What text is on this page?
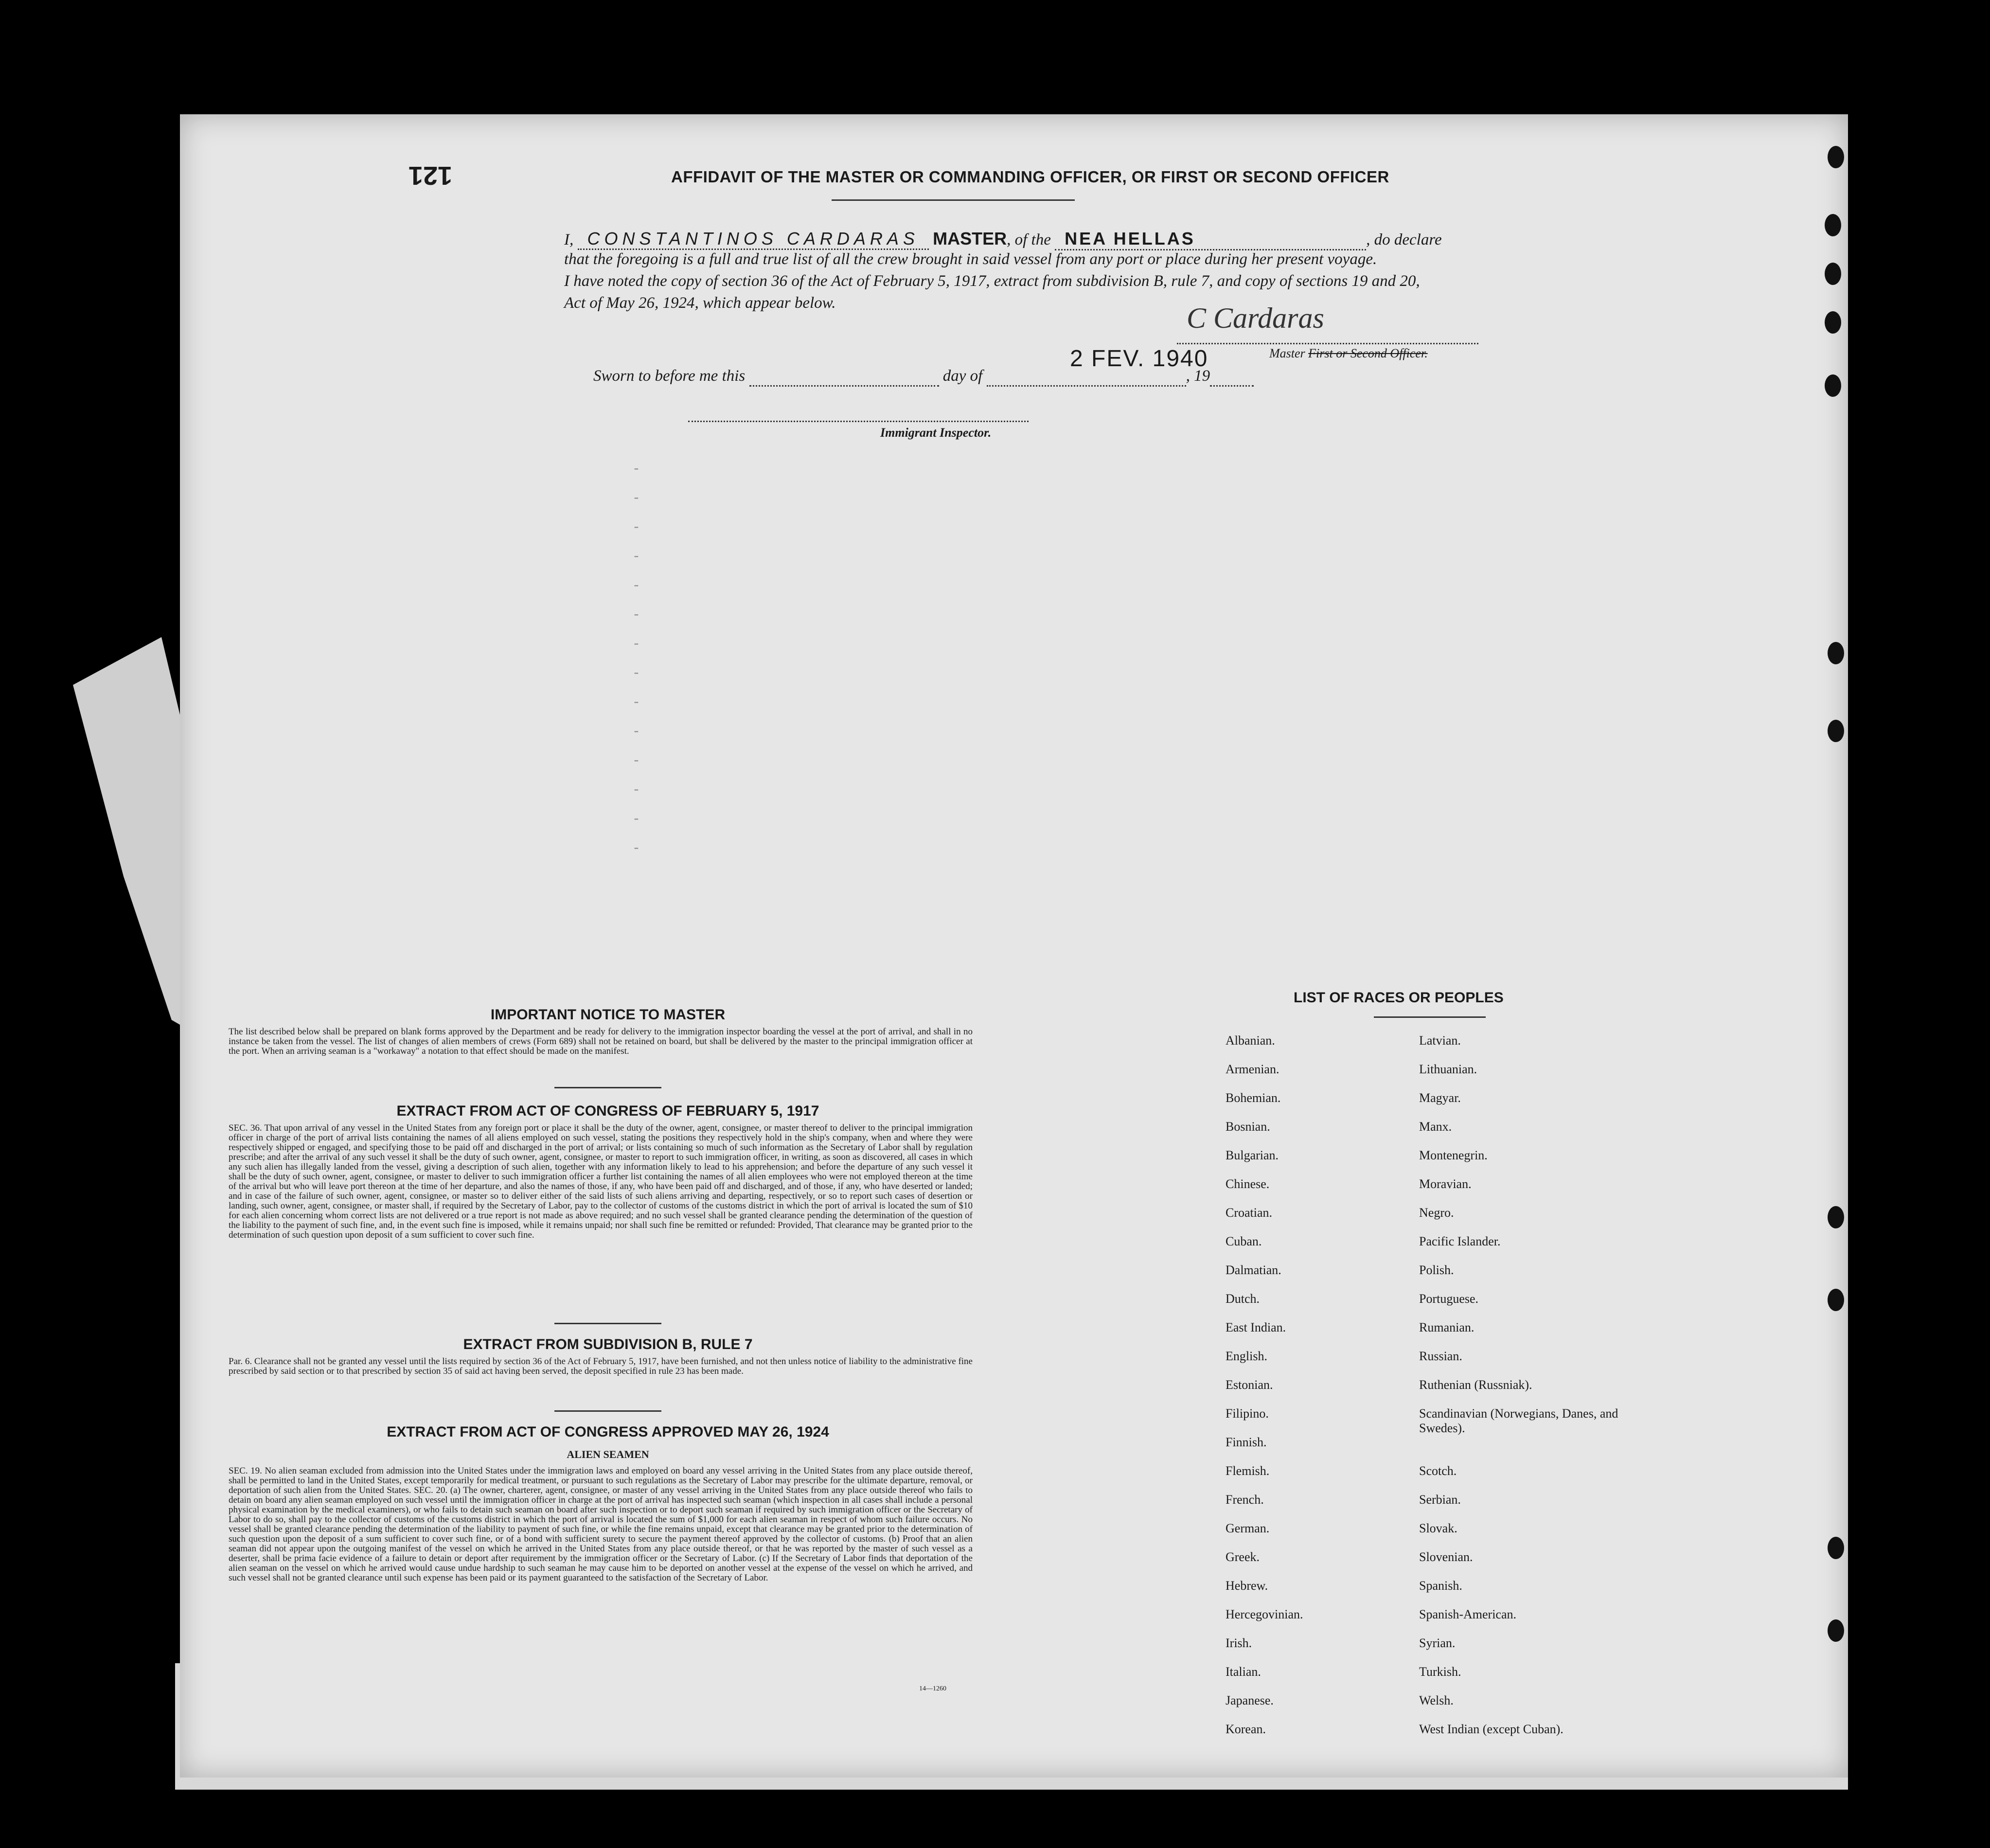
121	AFFIDAVIT OF THE MASTER OR COMMANDING OFFICER, OR FIRST OR SECOND OFFICER
I, CONSTANTINOS CARDARAS MASTER, of the NEA HELLAS	, do declare
that the foregoing is a full and true list of all the crew brought in said vessel from any port or place during her present voyage.
I have noted the copy of section 36 of the Act of February 5, 1917, extract from subdivision B, rule 7, and copy of sections 19 and 20,
Act of May 26, 1924, which appear below.	C Cardaras
2 FEV. 1940	Master First or Second Officer.
Sworn to before me this	day of	, 19
Immigrant Inspector.
-
-
-
-
-
-
-
-
-
-
-
-
-
-
IMPORTANT NOTICE TO MASTER
The list described below shall be prepared on blank forms approved by the Department and be ready for delivery to the immigration inspector boarding the vessel at the port of arrival, and shall in no instance be taken from the vessel. The list of changes of alien members of crews (Form 689) shall not be retained on board, but shall be delivered by the master to the principal immigration officer at the port. When an arriving seaman is a "workaway" a notation to that effect should be made on the manifest.
EXTRACT FROM ACT OF CONGRESS OF FEBRUARY 5, 1917
SEC. 36. That upon arrival of any vessel in the United States from any foreign port or place it shall be the duty of the owner, agent, consignee, or master thereof to deliver to the principal immigration officer in charge of the port of arrival lists containing the names of all aliens employed on such vessel, stating the positions they respectively hold in the ship's company, when and where they were respectively shipped or engaged, and specifying those to be paid off and discharged in the port of arrival; or lists containing so much of such information as the Secretary of Labor shall by regulation prescribe; and after the arrival of any such vessel it shall be the duty of such owner, agent, consignee, or master to report to such immigration officer, in writing, as soon as discovered, all cases in which any such alien has illegally landed from the vessel, giving a description of such alien, together with any information likely to lead to his apprehension; and before the departure of any such vessel it shall be the duty of such owner, agent, consignee, or master to deliver to such immigration officer a further list containing the names of all alien employees who were not employed thereon at the time of the arrival but who will leave port thereon at the time of her departure, and also the names of those, if any, who have been paid off and discharged, and of those, if any, who have deserted or landed; and in case of the failure of such owner, agent, consignee, or master so to deliver either of the said lists of such aliens arriving and departing, respectively, or so to report such cases of desertion or landing, such owner, agent, consignee, or master shall, if required by the Secretary of Labor, pay to the collector of customs of the customs district in which the port of arrival is located the sum of $10 for each alien concerning whom correct lists are not delivered or a true report is not made as above required; and no such vessel shall be granted clearance pending the determination of the question of the liability to the payment of such fine, and, in the event such fine is imposed, while it remains unpaid; nor shall such fine be remitted or refunded: Provided, That clearance may be granted prior to the determination of such question upon deposit of a sum sufficient to cover such fine.
EXTRACT FROM SUBDIVISION B, RULE 7
Par. 6. Clearance shall not be granted any vessel until the lists required by section 36 of the Act of February 5, 1917, have been furnished, and not then unless notice of liability to the administrative fine prescribed by said section or to that prescribed by section 35 of said act having been served, the deposit specified in rule 23 has been made.
EXTRACT FROM ACT OF CONGRESS APPROVED MAY 26, 1924
ALIEN SEAMEN
SEC. 19. No alien seaman excluded from admission into the United States under the immigration laws and employed on board any vessel arriving in the United States from any place outside thereof, shall be permitted to land in the United States, except temporarily for medical treatment, or pursuant to such regulations as the Secretary of Labor may prescribe for the ultimate departure, removal, or deportation of such alien from the United States. SEC. 20. (a) The owner, charterer, agent, consignee, or master of any vessel arriving in the United States from any place outside thereof who fails to detain on board any alien seaman employed on such vessel until the immigration officer in charge at the port of arrival has inspected such seaman (which inspection in all cases shall include a personal physical examination by the medical examiners), or who fails to detain such seaman on board after such inspection or to deport such seaman if required by such immigration officer or the Secretary of Labor to do so, shall pay to the collector of customs of the customs district in which the port of arrival is located the sum of $1,000 for each alien seaman in respect of whom such failure occurs. No vessel shall be granted clearance pending the determination of the liability to payment of such fine, or while the fine remains unpaid, except that clearance may be granted prior to the determination of such question upon the deposit of a sum sufficient to cover such fine, or of a bond with sufficient surety to secure the payment thereof approved by the collector of customs. (b) Proof that an alien seaman did not appear upon the outgoing manifest of the vessel on which he arrived in the United States from any place outside thereof, or that he was reported by the master of such vessel as a deserter, shall be prima facie evidence of a failure to detain or deport after requirement by the immigration officer or the Secretary of Labor. (c) If the Secretary of Labor finds that deportation of the alien seaman on the vessel on which he arrived would cause undue hardship to such seaman he may cause him to be deported on another vessel at the expense of the vessel on which he arrived, and such vessel shall not be granted clearance until such expense has been paid or its payment guaranteed to the satisfaction of the Secretary of Labor.
14—1260
LIST OF RACES OR PEOPLES
Albanian.
Armenian.
Bohemian.
Bosnian.
Bulgarian.
Chinese.
Croatian.
Cuban.
Dalmatian.
Dutch.
East Indian.
English.
Estonian.
Filipino.
Finnish.
Flemish.
French.
German.
Greek.
Hebrew.
Hercegovinian.
Irish.
Italian.
Japanese.
Korean.
Latvian.
Lithuanian.
Magyar.
Manx.
Montenegrin.
Moravian.
Negro.
Pacific Islander.
Polish.
Portuguese.
Rumanian.
Russian.
Ruthenian (Russniak).
Scandinavian (Norwegians, Danes, and Swedes).
Scotch.
Serbian.
Slovak.
Slovenian.
Spanish.
Spanish-American.
Syrian.
Turkish.
Welsh.
West Indian (except Cuban).
